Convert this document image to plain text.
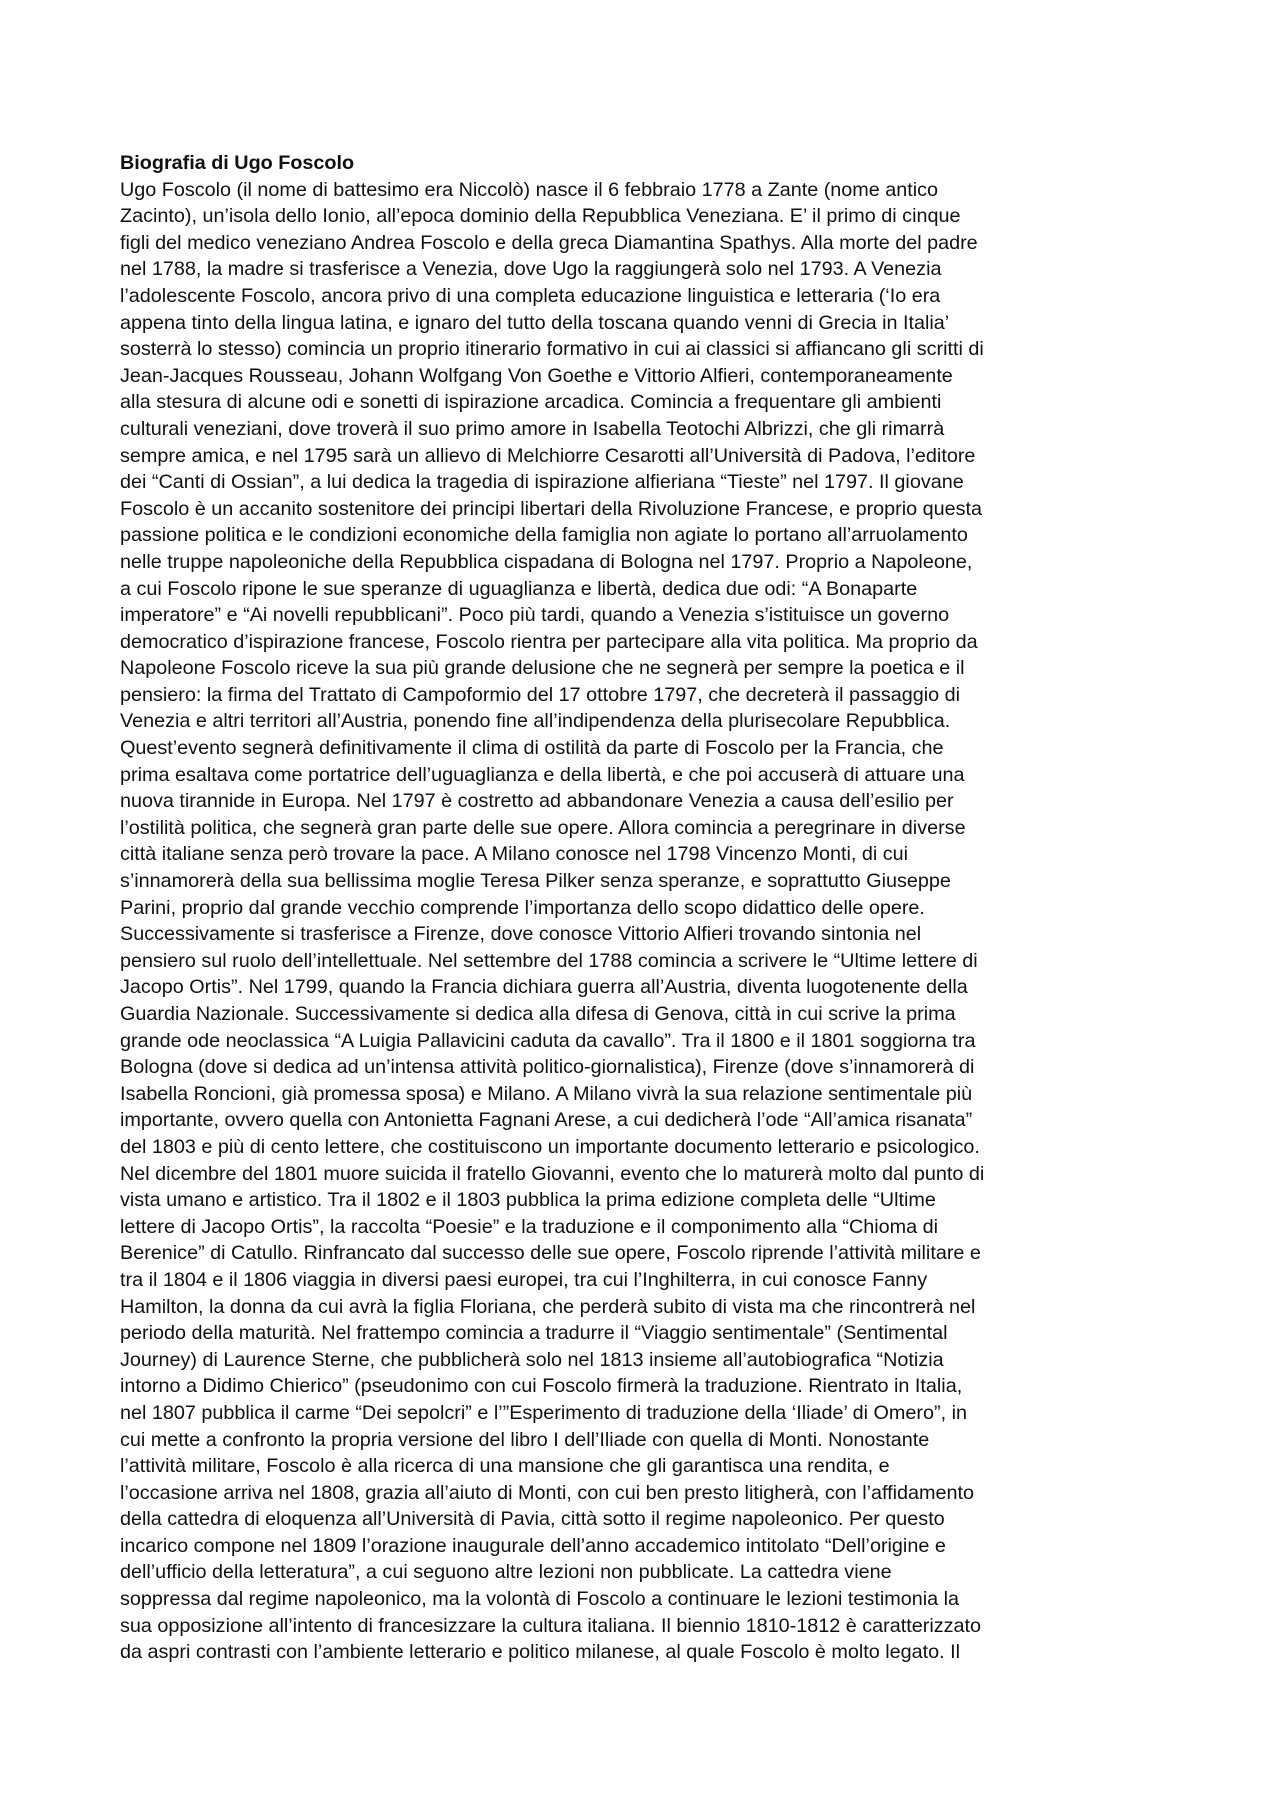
Biografia di Ugo Foscolo
Ugo Foscolo (il nome di battesimo era Niccolò) nasce il 6 febbraio 1778 a Zante (nome antico
Zacinto), un’isola dello Ionio, all’epoca dominio della Repubblica Veneziana. E’ il primo di cinque
figli del medico veneziano Andrea Foscolo e della greca Diamantina Spathys. Alla morte del padre
nel 1788, la madre si trasferisce a Venezia, dove Ugo la raggiungerà solo nel 1793. A Venezia
l’adolescente Foscolo, ancora privo di una completa educazione linguistica e letteraria (‘Io era
appena tinto della lingua latina, e ignaro del tutto della toscana quando venni di Grecia in Italia’
sosterrà lo stesso) comincia un proprio itinerario formativo in cui ai classici si affiancano gli scritti di
Jean-Jacques Rousseau, Johann Wolfgang Von Goethe e Vittorio Alfieri, contemporaneamente
alla stesura di alcune odi e sonetti di ispirazione arcadica. Comincia a frequentare gli ambienti
culturali veneziani, dove troverà il suo primo amore in Isabella Teotochi Albrizzi, che gli rimarrà
sempre amica, e nel 1795 sarà un allievo di Melchiorre Cesarotti all’Università di Padova, l’editore
dei “Canti di Ossian”, a lui dedica la tragedia di ispirazione alfieriana “Tieste” nel 1797. Il giovane
Foscolo è un accanito sostenitore dei principi libertari della Rivoluzione Francese, e proprio questa
passione politica e le condizioni economiche della famiglia non agiate lo portano all’arruolamento
nelle truppe napoleoniche della Repubblica cispadana di Bologna nel 1797. Proprio a Napoleone,
a cui Foscolo ripone le sue speranze di uguaglianza e libertà, dedica due odi: “A Bonaparte
imperatore” e “Ai novelli repubblicani”. Poco più tardi, quando a Venezia s’istituisce un governo
democratico d’ispirazione francese, Foscolo rientra per partecipare alla vita politica. Ma proprio da
Napoleone Foscolo riceve la sua più grande delusione che ne segnerà per sempre la poetica e il
pensiero: la firma del Trattato di Campoformio del 17 ottobre 1797, che decreterà il passaggio di
Venezia e altri territori all’Austria, ponendo fine all’indipendenza della plurisecolare Repubblica.
Quest’evento segnerà definitivamente il clima di ostilità da parte di Foscolo per la Francia, che
prima esaltava come portatrice dell’uguaglianza e della libertà, e che poi accuserà di attuare una
nuova tirannide in Europa. Nel 1797 è costretto ad abbandonare Venezia a causa dell’esilio per
l’ostilità politica, che segnerà gran parte delle sue opere. Allora comincia a peregrinare in diverse
città italiane senza però trovare la pace. A Milano conosce nel 1798 Vincenzo Monti, di cui
s’innamorerà della sua bellissima moglie Teresa Pilker senza speranze, e soprattutto Giuseppe
Parini, proprio dal grande vecchio comprende l’importanza dello scopo didattico delle opere.
Successivamente si trasferisce a Firenze, dove conosce Vittorio Alfieri trovando sintonia nel
pensiero sul ruolo dell’intellettuale. Nel settembre del 1788 comincia a scrivere le “Ultime lettere di
Jacopo Ortis”. Nel 1799, quando la Francia dichiara guerra all’Austria, diventa luogotenente della
Guardia Nazionale. Successivamente si dedica alla difesa di Genova, città in cui scrive la prima
grande ode neoclassica “A Luigia Pallavicini caduta da cavallo”. Tra il 1800 e il 1801 soggiorna tra
Bologna (dove si dedica ad un’intensa attività politico-giornalistica), Firenze (dove s’innamorerà di
Isabella Roncioni, già promessa sposa) e Milano. A Milano vivrà la sua relazione sentimentale più
importante, ovvero quella con Antonietta Fagnani Arese, a cui dedicherà l’ode “All’amica risanata”
del 1803 e più di cento lettere, che costituiscono un importante documento letterario e psicologico.
Nel dicembre del 1801 muore suicida il fratello Giovanni, evento che lo maturerà molto dal punto di
vista umano e artistico. Tra il 1802 e il 1803 pubblica la prima edizione completa delle “Ultime
lettere di Jacopo Ortis”, la raccolta “Poesie” e la traduzione e il componimento alla “Chioma di
Berenice” di Catullo. Rinfrancato dal successo delle sue opere, Foscolo riprende l’attività militare e
tra il 1804 e il 1806 viaggia in diversi paesi europei, tra cui l’Inghilterra, in cui conosce Fanny
Hamilton, la donna da cui avrà la figlia Floriana, che perderà subito di vista ma che rincontrerà nel
periodo della maturità. Nel frattempo comincia a tradurre il “Viaggio sentimentale” (Sentimental
Journey) di Laurence Sterne, che pubblicherà solo nel 1813 insieme all’autobiografica “Notizia
intorno a Didimo Chierico” (pseudonimo con cui Foscolo firmerà la traduzione. Rientrato in Italia,
nel 1807 pubblica il carme “Dei sepolcri” e l’”Esperimento di traduzione della ‘Iliade’ di Omero”, in
cui mette a confronto la propria versione del libro I dell’Iliade con quella di Monti. Nonostante
l’attività militare, Foscolo è alla ricerca di una mansione che gli garantisca una rendita, e
l’occasione arriva nel 1808, grazia all’aiuto di Monti, con cui ben presto litigherà, con l’affidamento
della cattedra di eloquenza all’Università di Pavia, città sotto il regime napoleonico. Per questo
incarico compone nel 1809 l’orazione inaugurale dell’anno accademico intitolato “Dell’origine e
dell’ufficio della letteratura”, a cui seguono altre lezioni non pubblicate. La cattedra viene
soppressa dal regime napoleonico, ma la volontà di Foscolo a continuare le lezioni testimonia la
sua opposizione all’intento di francesizzare la cultura italiana. Il biennio 1810-1812 è caratterizzato
da aspri contrasti con l’ambiente letterario e politico milanese, al quale Foscolo è molto legato. Il
